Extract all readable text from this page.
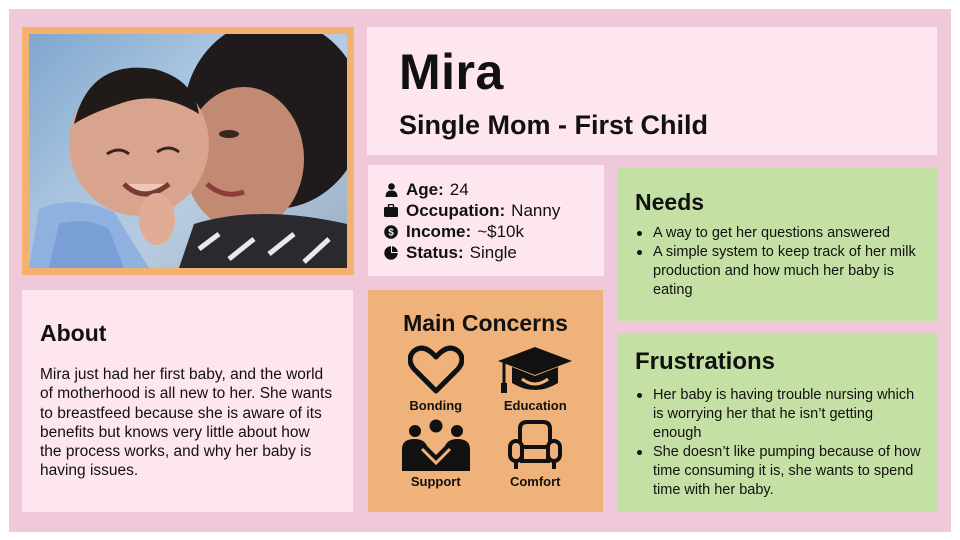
Mira
Single Mom - First Child
Age: 24
Occupation: Nanny
$ Income: ~$10k
Status: Single
Needs
A way to get her questions answered
A simple system to keep track of her milk production and how much her baby is eating
About
Mira just had her first baby, and the world of motherhood is all new to her. She wants to breastfeed because she is aware of its benefits but knows very little about how the process works, and why her baby is having issues.
Main Concerns
Bonding	Education
Support	Comfort
Frustrations
Her baby is having trouble nursing which is worrying her that he isn’t getting enough
She doesn’t like pumping because of how time consuming it is, she wants to spend time with her baby.
